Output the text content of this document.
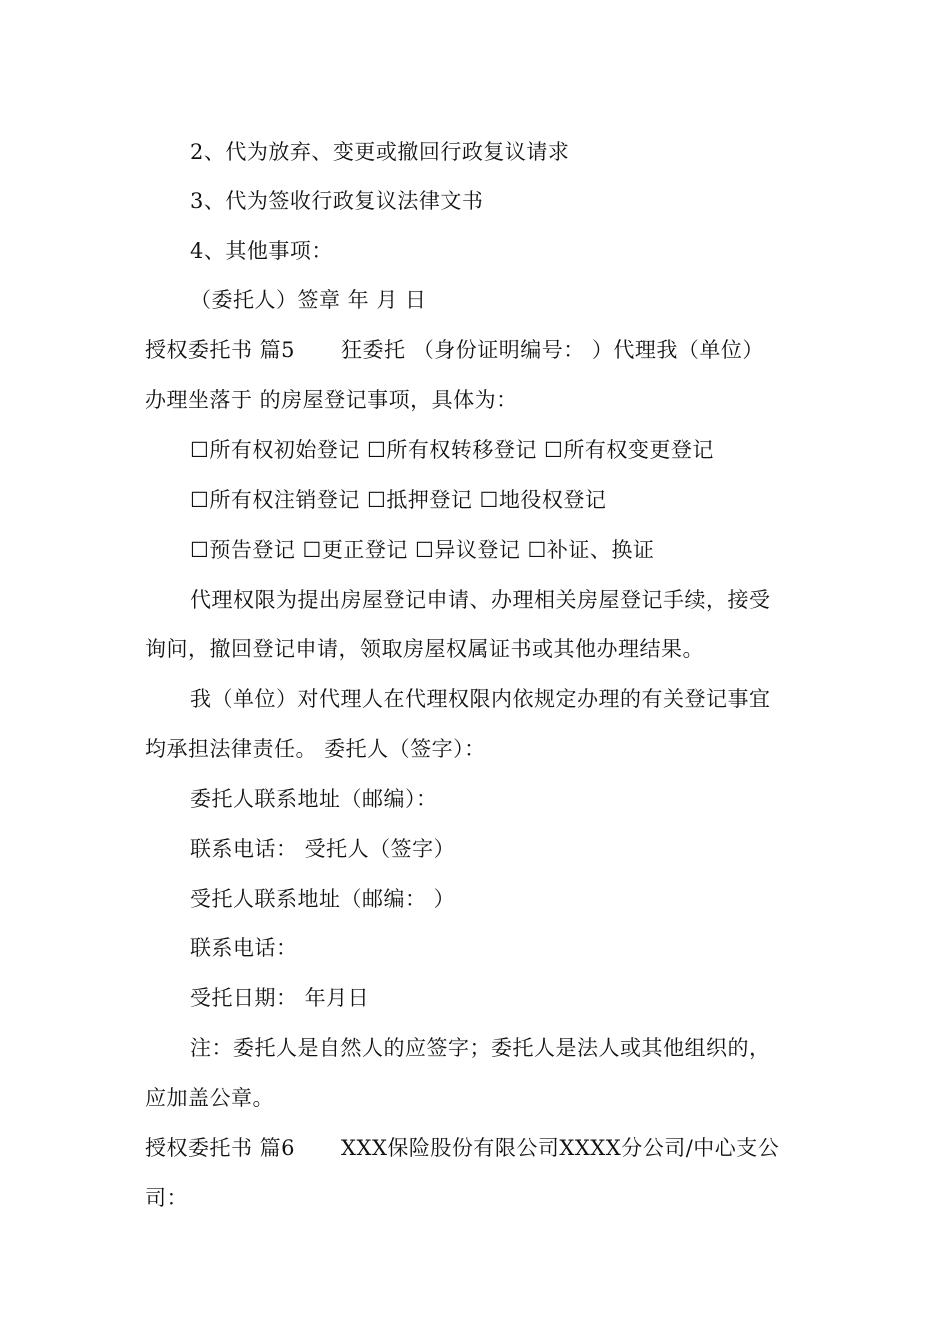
2、代为放弃、变更或撤回行政复议请求
3、代为签收行政复议法律文书
4、其他事项：
（委托人）签章 年 月 日
授权委托书 篇5 狂委托 （身份证明编号： ）代理我（单位）
办理坐落于 的房屋登记事项，具体为：
☐所有权初始登记 ☐所有权转移登记 ☐所有权变更登记
☐所有权注销登记 ☐抵押登记 ☐地役权登记
☐预告登记 ☐更正登记 ☐异议登记 ☐补证、换证
代理权限为提出房屋登记申请、办理相关房屋登记手续，接受
询问，撤回登记申请，领取房屋权属证书或其他办理结果。
我（单位）对代理人在代理权限内依规定办理的有关登记事宜
均承担法律责任。 委托人（签字）：
委托人联系地址（邮编）：
联系电话： 受托人（签字）
受托人联系地址（邮编： ）
联系电话：
受托日期： 年月日
注：委托人是自然人的应签字；委托人是法人或其他组织的，
应加盖公章。
授权委托书 篇6 XXX保险股份有限公司XXXX分公司/中心支公
司：
